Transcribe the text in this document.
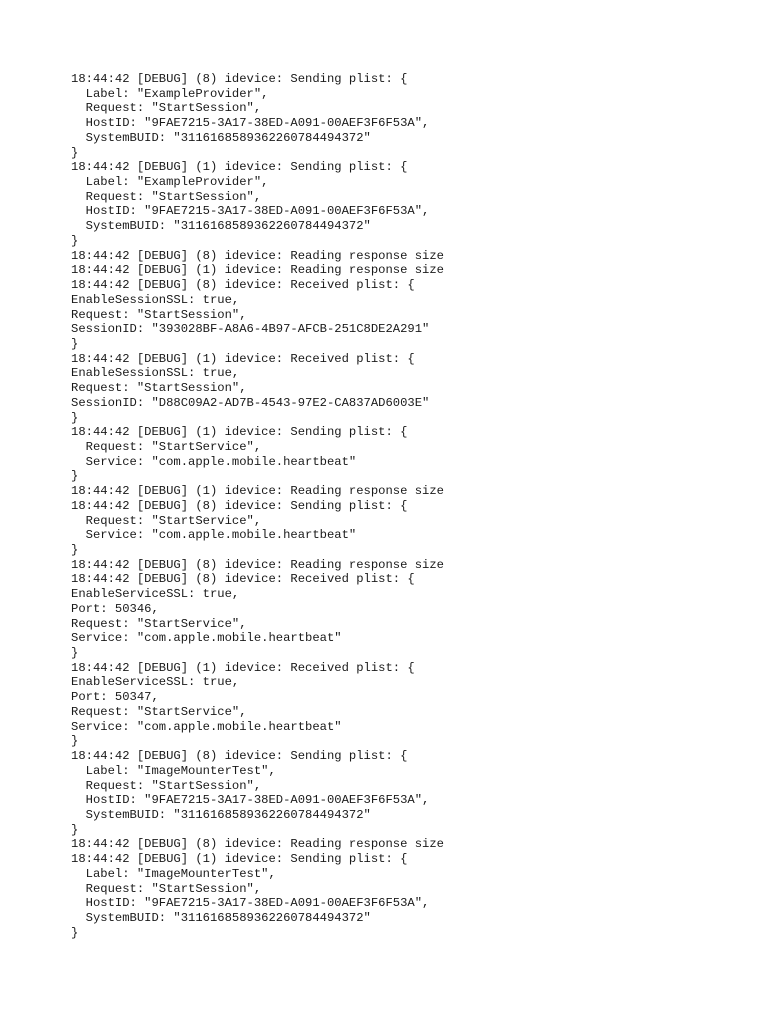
18:44:42 [DEBUG] (8) idevice: Sending plist: {
Label: "ExampleProvider",
Request: "StartSession",
HostID: "9FAE7215-3A17-38ED-A091-00AEF3F6F53A",
SystemBUID: "3116168589362260784494372"
}
18:44:42 [DEBUG] (1) idevice: Sending plist: {
Label: "ExampleProvider",
Request: "StartSession",
HostID: "9FAE7215-3A17-38ED-A091-00AEF3F6F53A",
SystemBUID: "3116168589362260784494372"
}
18:44:42 [DEBUG] (8) idevice: Reading response size
18:44:42 [DEBUG] (1) idevice: Reading response size
18:44:42 [DEBUG] (8) idevice: Received plist: {
EnableSessionSSL: true,
Request: "StartSession",
SessionID: "393028BF-A8A6-4B97-AFCB-251C8DE2A291"
}
18:44:42 [DEBUG] (1) idevice: Received plist: {
EnableSessionSSL: true,
Request: "StartSession",
SessionID: "D88C09A2-AD7B-4543-97E2-CA837AD6003E"
}
18:44:42 [DEBUG] (1) idevice: Sending plist: {
Request: "StartService",
Service: "com.apple.mobile.heartbeat"
}
18:44:42 [DEBUG] (1) idevice: Reading response size
18:44:42 [DEBUG] (8) idevice: Sending plist: {
Request: "StartService",
Service: "com.apple.mobile.heartbeat"
}
18:44:42 [DEBUG] (8) idevice: Reading response size
18:44:42 [DEBUG] (8) idevice: Received plist: {
EnableServiceSSL: true,
Port: 50346,
Request: "StartService",
Service: "com.apple.mobile.heartbeat"
}
18:44:42 [DEBUG] (1) idevice: Received plist: {
EnableServiceSSL: true,
Port: 50347,
Request: "StartService",
Service: "com.apple.mobile.heartbeat"
}
18:44:42 [DEBUG] (8) idevice: Sending plist: {
Label: "ImageMounterTest",
Request: "StartSession",
HostID: "9FAE7215-3A17-38ED-A091-00AEF3F6F53A",
SystemBUID: "3116168589362260784494372"
}
18:44:42 [DEBUG] (8) idevice: Reading response size
18:44:42 [DEBUG] (1) idevice: Sending plist: {
Label: "ImageMounterTest",
Request: "StartSession",
HostID: "9FAE7215-3A17-38ED-A091-00AEF3F6F53A",
SystemBUID: "3116168589362260784494372"
}
